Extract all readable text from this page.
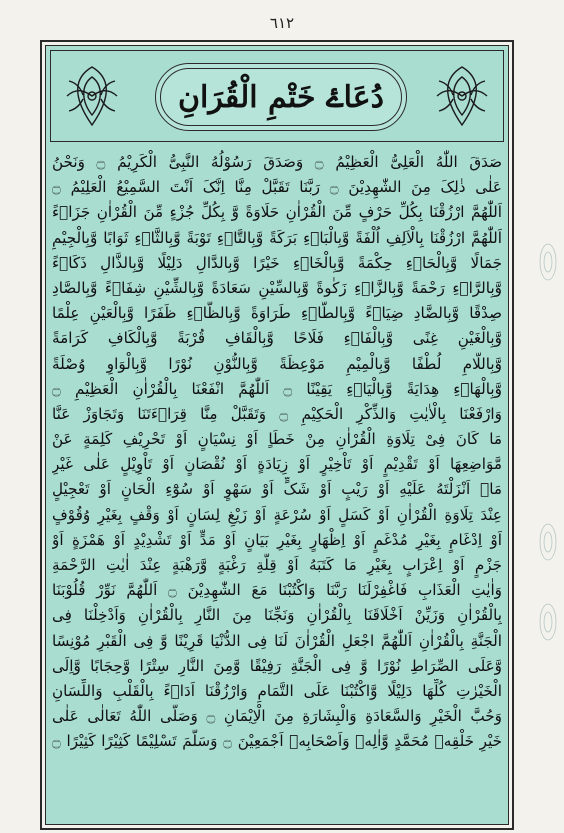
٦١٢
دُعَاۓ خَتْمِ الْقُرَانِ
صَدَقَ اللّٰهُ الْعَلِیُّ الْعَظِیْمُ ۝ وَصَدَقَ رَسُوْلُهُ النَّبِیُّ الْکَرِیْمُ ۝ وَنَحْنُ
عَلٰی ذٰلِکَ مِنَ الشّٰهِدِیْنَ ۝ رَبَّنَا تَقَبَّلْ مِنَّا اِنَّکَ اَنْتَ السَّمِیْعُ الْعَلِیْمُ ۝
اَللّٰهُمَّ ارْزُقْنَا بِکُلِّ حَرْفٍ مِّنَ الْقُرْاٰنِ حَلَاوَةً وَّ بِکُلِّ جُزْءٍ مِّنَ الْقُرْاٰنِ جَزَاۤءً
اَللّٰهُمَّ ارْزُقْنَا بِالْاَلِفِ اُلْفَةً وَّبِالْبَاۤءِ بَرَکَةً وَّبِالتَّاۤءِ تَوْبَةً وَّبِالثَّاۤءِ ثَوَابًا وَّبِالْجِیْمِ
جَمَالًا وَّبِالْحَاۤءِ حِکْمَةً وَّبِالْخَاۤءِ خَیْرًا وَّبِالدَّالِ دَلِیْلًا وَّبِالذَّالِ ذَکَاۤءً
وَّبِالرَّاۤءِ رَحْمَةً وَّبِالزَّاۤءِ زَکٰوةً وَّبِالسِّیْنِ سَعَادَةً وَّبِالشِّیْنِ شِفَاۤءً وَّبِالصَّادِ
صِدْقًا وَّبِالضَّادِ ضِیَاۤءً وَّبِالطَّاۤءِ طَرَاوَةً وَّبِالظَّاۤءِ ظَفَرًا وَّبِالْعَیْنِ عِلْمًا
وَّبِالْغَیْنِ غِنًی وَّبِالْفَاۤءِ فَلَاحًا وَّبِالْقَافِ قُرْبَةً وَّبِالْکَافِ کَرَامَةً
وَّبِاللَّامِ لُطْفًا وَّبِالْمِیْمِ مَوْعِظَةً وَّبِالنُّوْنِ نُوْرًا وَّبِالْوَاوِ وُصْلَةً
وَّبِالْهَاۤءِ هِدَایَةً وَّبِالْیَاۤءِ یَقِیْنًا ۝ اَللّٰهُمَّ انْفَعْنَا بِالْقُرْاٰنِ الْعَظِیْمِ ۝
وَارْفَعْنَا بِالْاٰیٰتِ وَالذِّکْرِ الْحَکِیْمِ ۝ وَتَقَبَّلْ مِنَّا قِرَاۤءَتَنَا وَتَجَاوَزْ عَنَّا
مَا کَانَ فِیْ تِلَاوَةِ الْقُرْاٰنِ مِنْ خَطَاٍ اَوْ نِسْیَانٍ اَوْ تَحْرِیْفِ کَلِمَةٍ عَنْ
مَّوَاضِعِهَا اَوْ تَقْدِیْمٍ اَوْ تَاْخِیْرٍ اَوْ زِیَادَةٍ اَوْ نُقْصَانٍ اَوْ تَاْوِیْلٍ عَلٰی غَیْرِ
مَاۤ اَنْزَلْتَهُ عَلَیْهِ اَوْ رَیْبٍ اَوْ شَکٍّ اَوْ سَهْوٍ اَوْ سُوْٓءِ الْحَانٍ اَوْ تَعْجِیْلٍ
عِنْدَ تِلَاوَةِ الْقُرْاٰنِ اَوْ کَسَلٍ اَوْ سُرْعَةٍ اَوْ زَیْغِ لِسَانٍ اَوْ وَقْفٍ بِغَیْرِ وُقُوْفٍ
اَوْ اِدْغَامٍ بِغَیْرِ مُدْغَمٍ اَوْ اِظْهَارٍ بِغَیْرِ بَیَانٍ اَوْ مَدٍّ اَوْ تَشْدِیْدٍ اَوْ هَمْزَةٍ اَوْ
جَزْمٍ اَوْ اِعْرَابٍ بِغَیْرِ مَا کَتَبَهُ اَوْ قِلَّةِ رَغْبَةٍ وَّرَهْبَةٍ عِنْدَ اٰیٰتِ الرَّحْمَةِ
وَاٰیٰتِ الْعَذَابِ فَاغْفِرْلَنَا رَبَّنَا وَاکْتُبْنَا مَعَ الشّٰهِدِیْنَ ۝ اَللّٰهُمَّ نَوِّرْ قُلُوْبَنَا
بِالْقُرْاٰنِ وَزَیِّنْ اَخْلَاقَنَا بِالْقُرْاٰنِ وَنَجِّنَا مِنَ النَّارِ بِالْقُرْاٰنِ وَاَدْخِلْنَا فِی
الْجَنَّةِ بِالْقُرْاٰنِ اَللّٰهُمَّ اجْعَلِ الْقُرْاٰنَ لَنَا فِی الدُّنْیَا قَرِیْنًا وَّ فِی الْقَبْرِ مُوْنِسًا
وَّعَلَی الصِّرَاطِ نُوْرًا وَّ فِی الْجَنَّةِ رَفِیْقًا وَّمِنَ النَّارِ سِتْرًا وَّحِجَابًا وَّاِلَی
الْخَیْرٰتِ کُلِّهَا دَلِیْلًا وَّاکْتُبْنَا عَلَی التَّمَامِ وَارْزُقْنَا اَدَاۤءً بِالْقَلْبِ وَاللِّسَانِ
وَحُبَّ الْخَیْرِ وَالسَّعَادَةِ وَالْبِشَارَةِ مِنَ الْاِیْمَانِ ۝ وَصَلَّی اللّٰهُ تَعَالٰی عَلٰی
خَیْرِ خَلْقِهٖ مُحَمَّدٍ وَّاٰلِهٖ وَاَصْحَابِهٖ اَجْمَعِیْنَ ۝ وَسَلَّمَ تَسْلِیْمًا کَثِیْرًا کَثِیْرًا ۝
